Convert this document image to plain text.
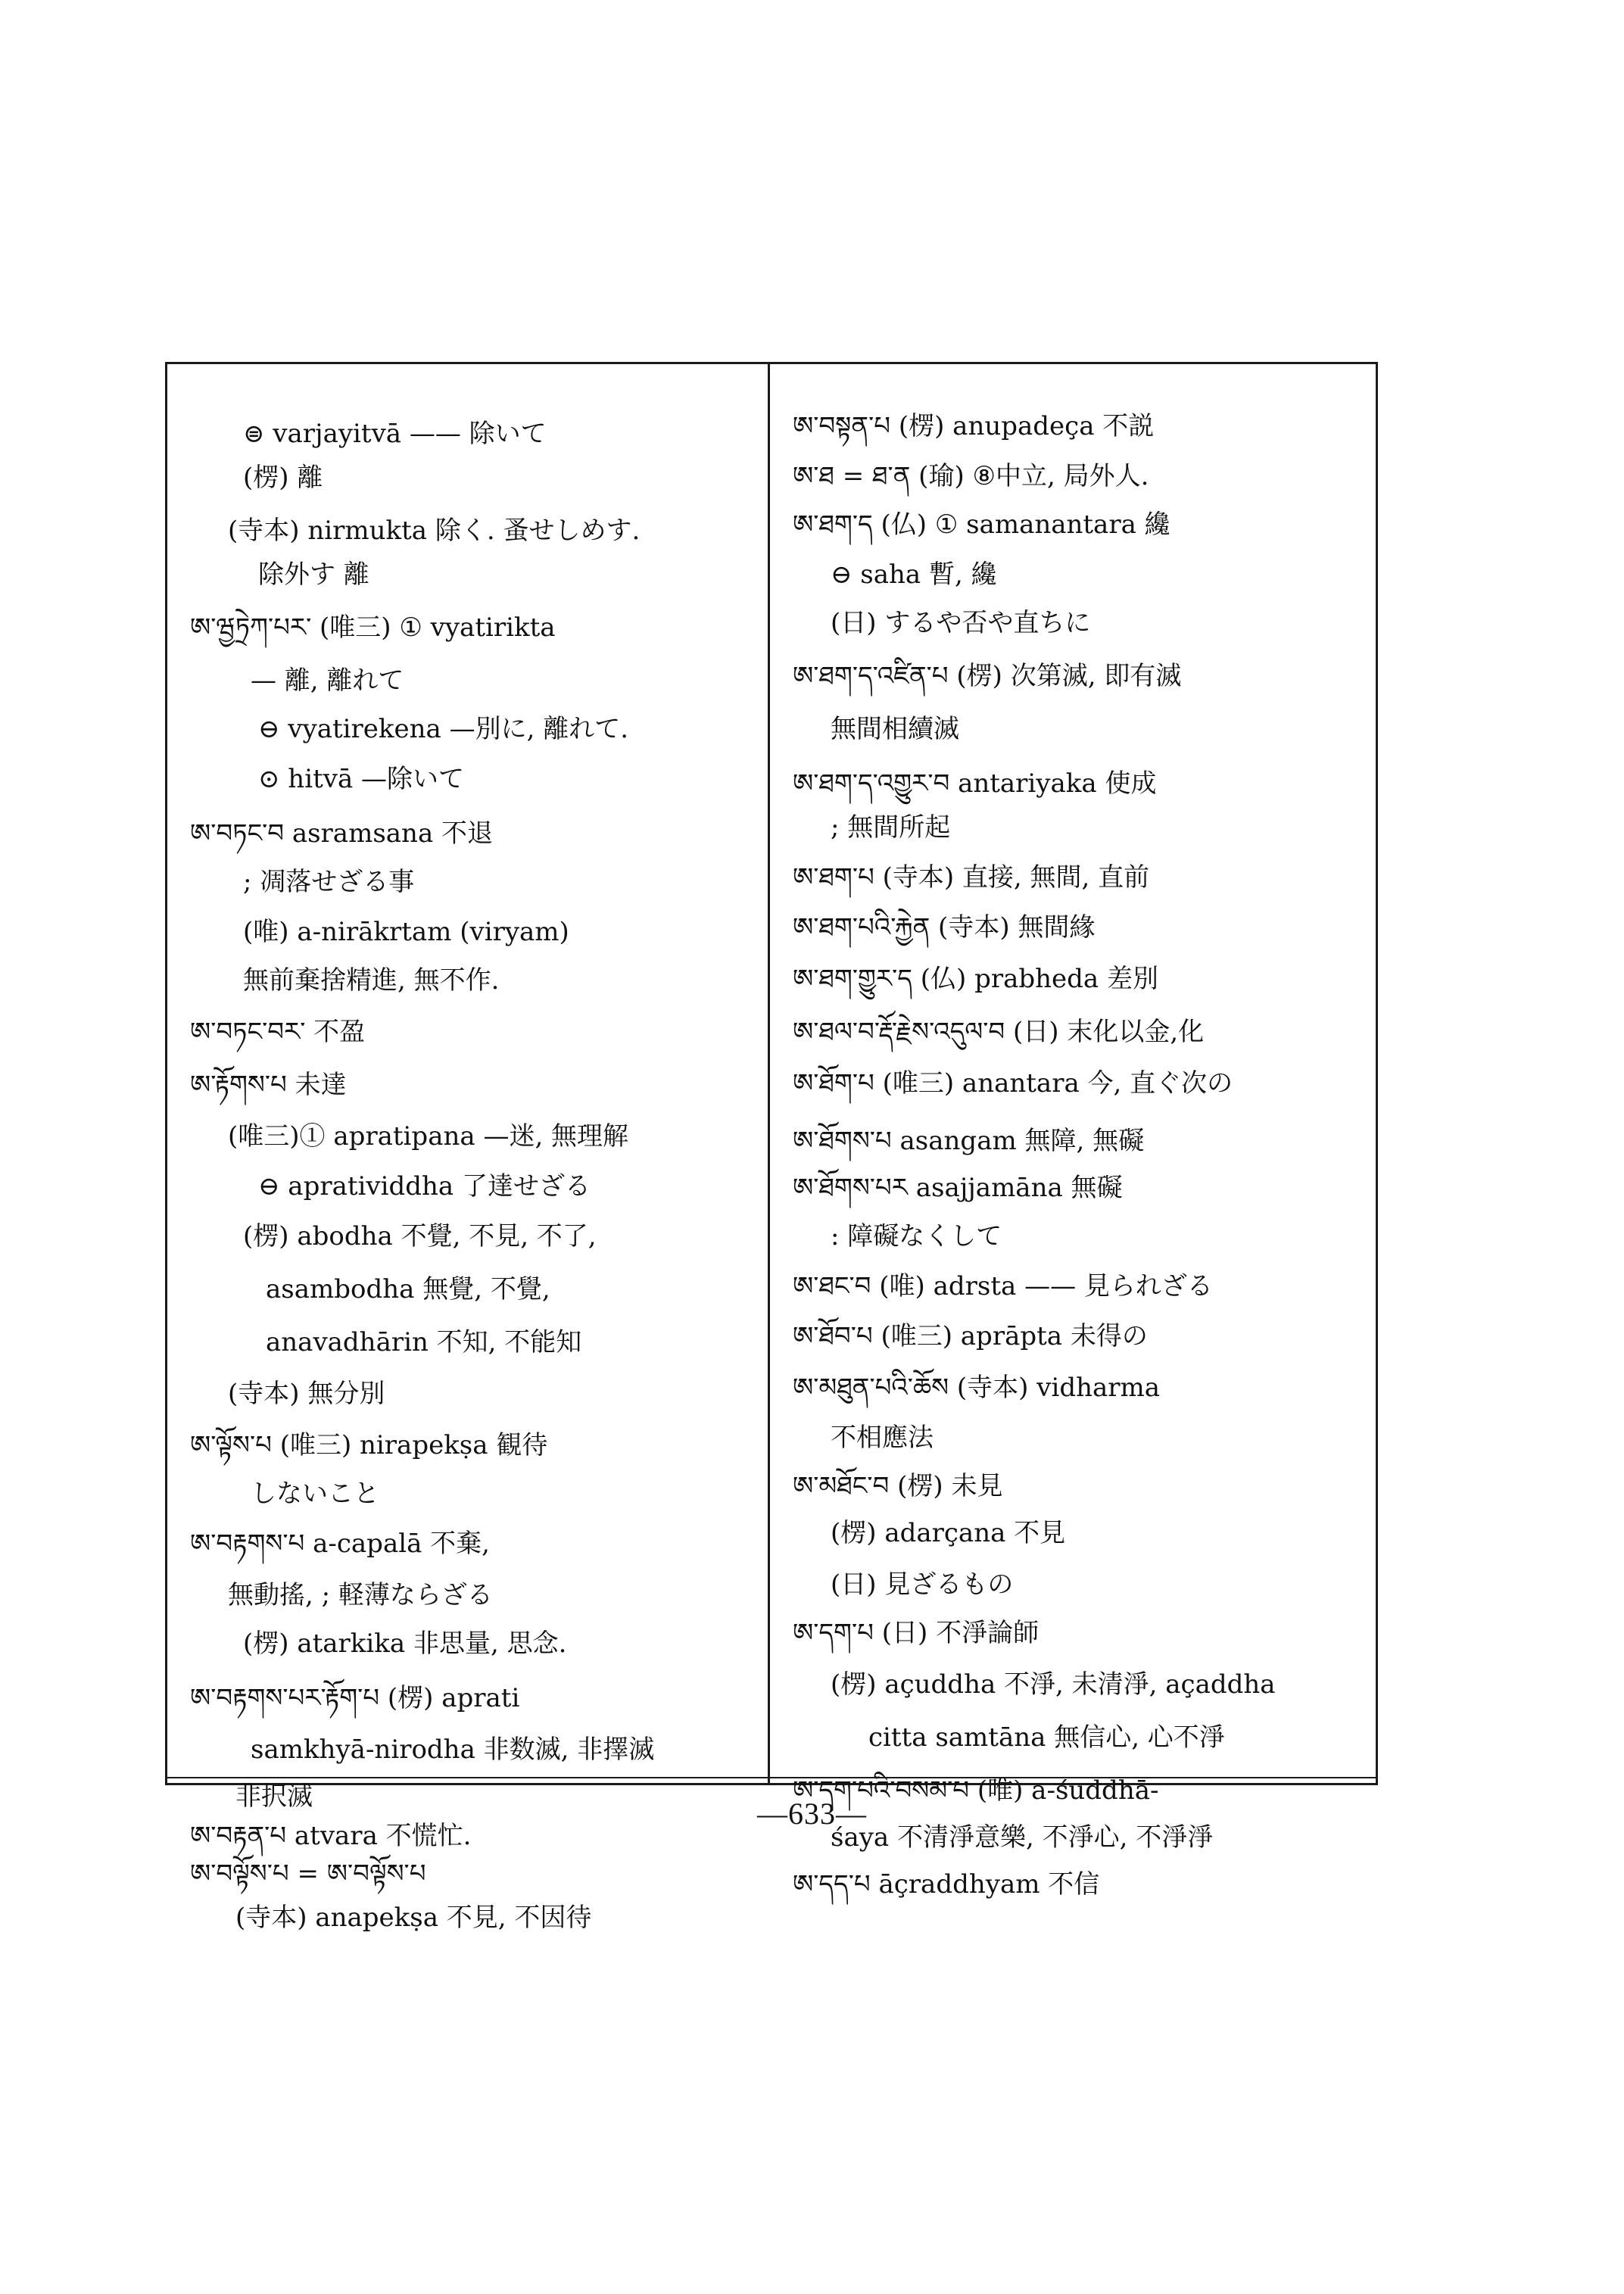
⊜ varjayitvā —— 除いて
(楞) 離
(寺本) nirmukta 除く. 蚤せしめす.
除外す 離
ཨ་ཝྱཏྲེཀ་པར་ (唯三) ① vyatirikta
— 離, 離れて
⊖ vyatirekena —別に, 離れて.
⊙ hitvā —除いて
ཨ་བཏང་བ asramsana 不退
; 凋落せざる事
(唯) a-nirākrtam (viryam)
無前棄捨精進, 無不作.
ཨ་བཏང་བར་ 不盈
ཨ་རྟོགས་པ 未達
(唯三)① apratipana —迷, 無理解
⊖ apratividdha 了達せざる
(楞) abodha 不覺, 不見, 不了,
asambodha 無覺, 不覺,
anavadhārin 不知, 不能知
(寺本) 無分別
ཨ་ལྟོས་པ (唯三) nirapekṣa 観待
しないこと
ཨ་བརྟགས་པ a-capalā 不棄,
無動搖, ; 軽薄ならざる
(楞) atarkika 非思量, 思念.
ཨ་བརྟགས་པར་རྟོག་པ (楞) aprati
samkhyā-nirodha 非数滅, 非擇滅
非択滅
ཨ་བརྟན་པ atvara 不慌忙.
ཨ་བལྟོས་པ = ཨ་བལྟོས་པ
(寺本) anapekṣa 不見, 不因待
ཨ་བསྟན་པ (楞) anupadeça 不説
ཨ་ཐ = ཐ་ན (瑜) ⑧中立, 局外人.
ཨ་ཐག་ད (仏) ① samanantara 纔
⊖ saha 暫, 纔
(日) するや否や直ちに
ཨ་ཐག་ད་འཛིན་པ (楞) 次第滅, 即有滅
無間相續滅
ཨ་ཐག་ད་འགྱུར་བ antariyaka 使成
; 無間所起
ཨ་ཐག་པ (寺本) 直接, 無間, 直前
ཨ་ཐག་པའི་རྐྱེན (寺本) 無間緣
ཨ་ཐག་གྱུར་ད (仏) prabheda 差別
ཨ་ཐལ་བ་རྡོ་རྗེས་འདུལ་བ (日) 末化以金,化
ཨ་ཐོག་པ (唯三) anantara 今, 直ぐ次の
ཨ་ཐོགས་པ asangam 無障, 無礙
ཨ་ཐོགས་པར asajjamāna 無礙
: 障礙なくして
ཨ་ཐང་བ (唯) adrsta —— 見られざる
ཨ་ཐོབ་པ (唯三) aprāpta 未得の
ཨ་མཐུན་པའི་ཆོས (寺本) vidharma
不相應法
ཨ་མཐོང་བ (楞) 未見
(楞) adarçana 不見
(日) 見ざるもの
ཨ་དག་པ (日) 不淨論師
(楞) açuddha 不淨, 未清淨, açaddha
citta samtāna 無信心, 心不淨
ཨ་དག་པའི་བསམ་པ (唯) a-śuddhā-
śaya 不清淨意樂, 不淨心, 不淨淨
ཨ་དད་པ āçraddhyam 不信
—633—
